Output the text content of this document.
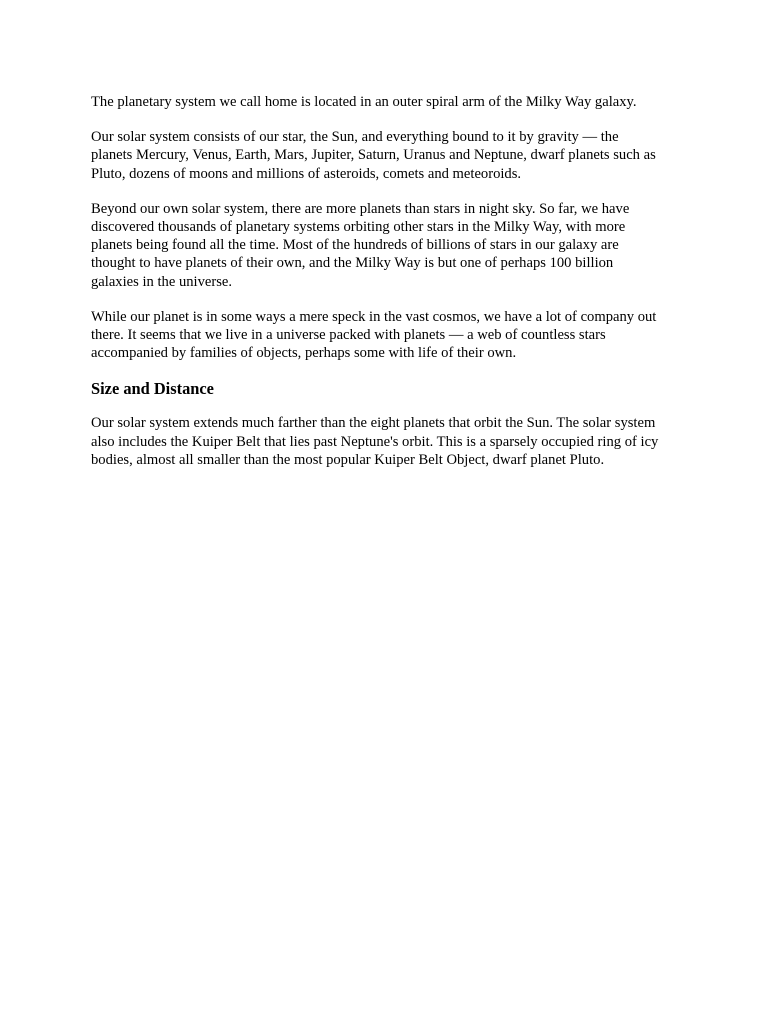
The planetary system we call home is located in an outer spiral arm of the Milky Way galaxy.

Our solar system consists of our star, the Sun, and everything bound to it by gravity — the
planets Mercury, Venus, Earth, Mars, Jupiter, Saturn, Uranus and Neptune, dwarf planets such as
Pluto, dozens of moons and millions of asteroids, comets and meteoroids.

Beyond our own solar system, there are more planets than stars in night sky. So far, we have
discovered thousands of planetary systems orbiting other stars in the Milky Way, with more
planets being found all the time. Most of the hundreds of billions of stars in our galaxy are
thought to have planets of their own, and the Milky Way is but one of perhaps 100 billion
galaxies in the universe.

While our planet is in some ways a mere speck in the vast cosmos, we have a lot of company out
there. It seems that we live in a universe packed with planets — a web of countless stars
accompanied by families of objects, perhaps some with life of their own.

Size and Distance

Our solar system extends much farther than the eight planets that orbit the Sun. The solar system
also includes the Kuiper Belt that lies past Neptune's orbit. This is a sparsely occupied ring of icy
bodies, almost all smaller than the most popular Kuiper Belt Object, dwarf planet Pluto.
